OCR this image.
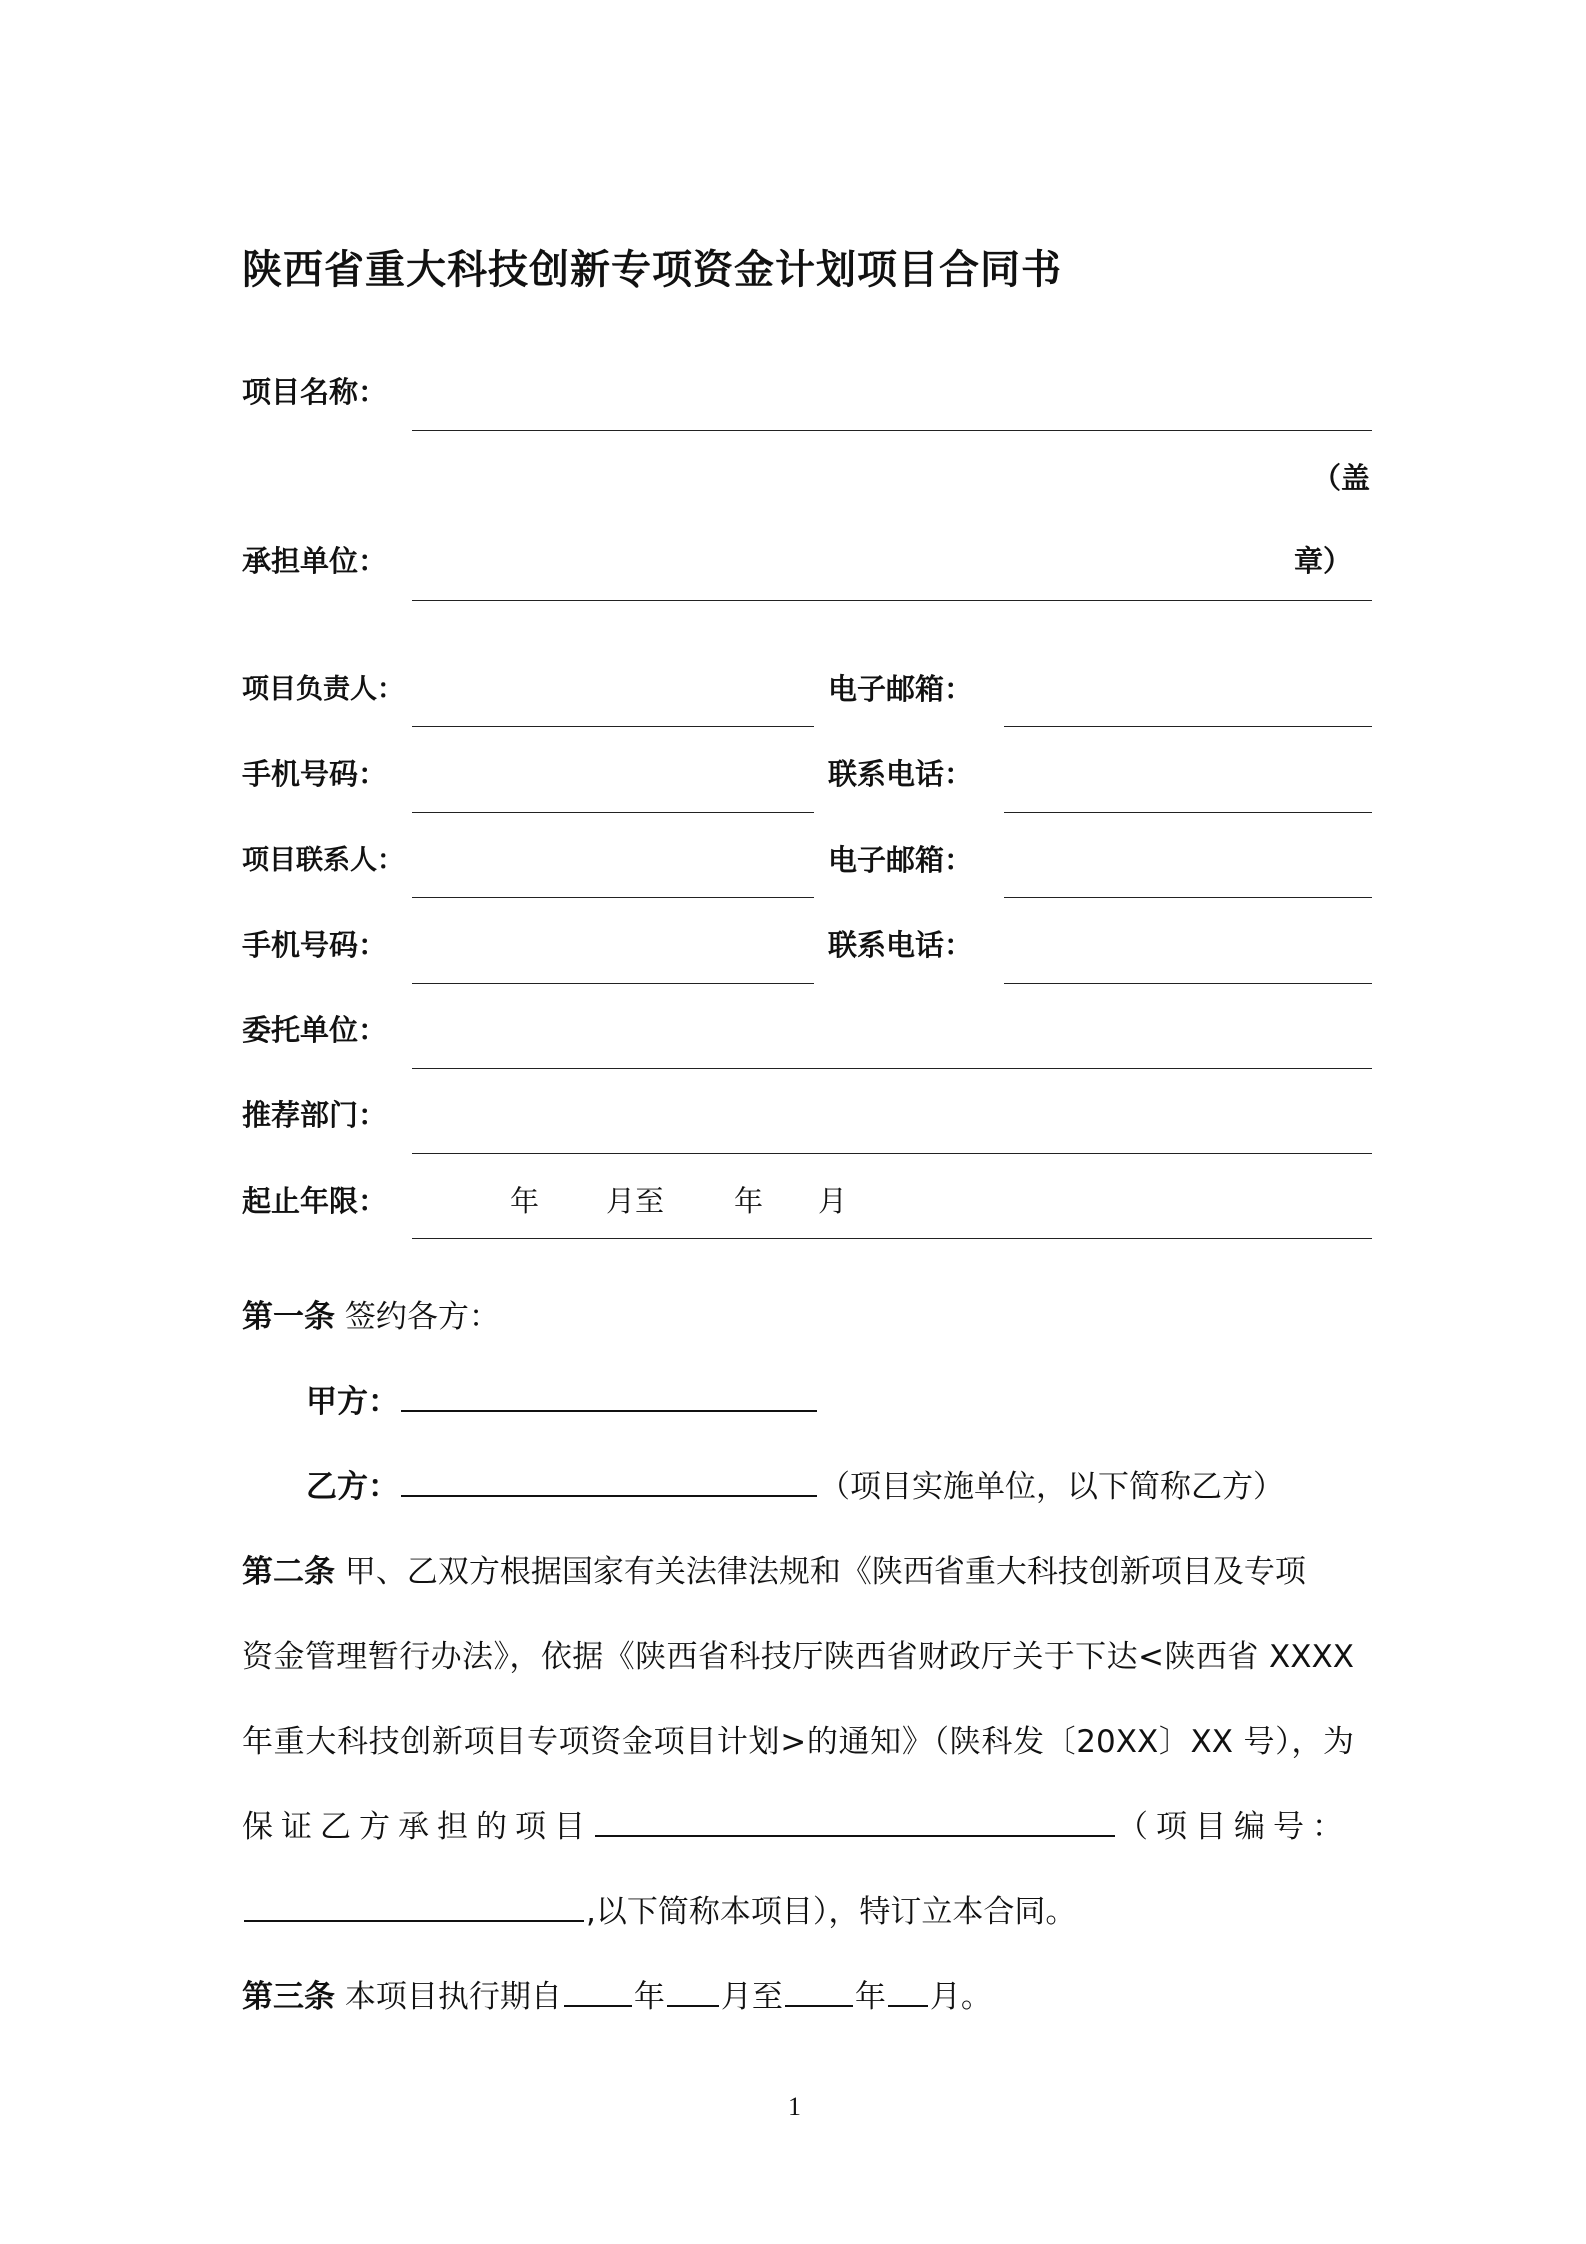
陕西省重大科技创新专项资金计划项目合同书
项目名称：
（盖
承担单位：	章）
项目负责人：	电子邮箱：
手机号码：	联系电话：
项目联系人：	电子邮箱：
手机号码：	联系电话：
委托单位：
推荐部门：
起止年限：	年 月至 年 月
第一条 签约各方：
甲方：
乙方：	（项目实施单位，以下简称乙方）
第二条 甲、乙双方根据国家有关法律法规和《陕西省重大科技创新项目及专项
资金管理暂行办法》，依据《陕西省科技厅陕西省财政厅关于下达<陕西省 XXXX
年重大科技创新项目专项资金项目计划>的通知》（陕科发〔20XX〕XX 号），为
保证乙方承担的项目	（项目编号：
,以下简称本项目），特订立本合同。
第三条 本项目执行期自 年 月至 年 月。
1
